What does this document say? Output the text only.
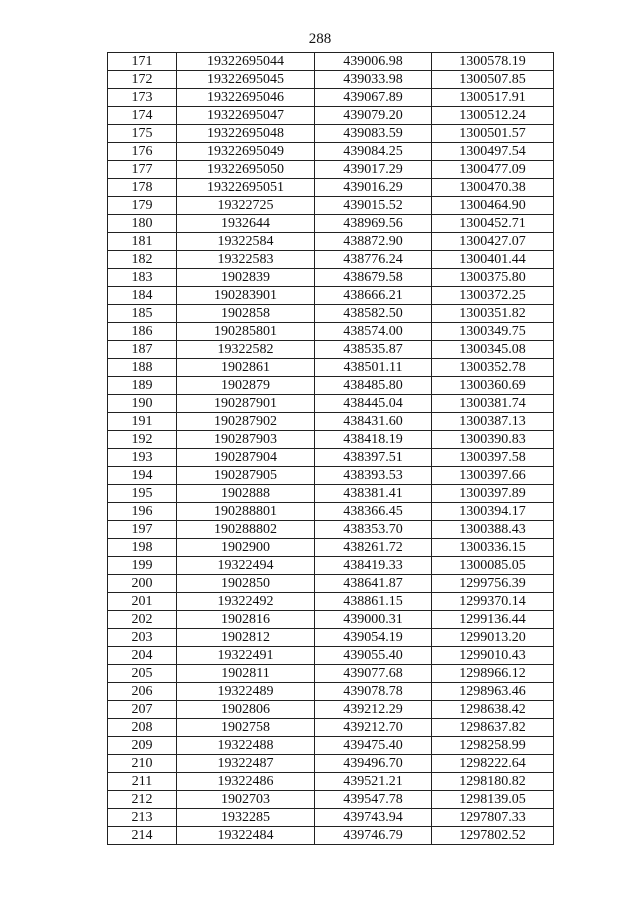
288
171	19322695044	439006.98	1300578.19
172	19322695045	439033.98	1300507.85
173	19322695046	439067.89	1300517.91
174	19322695047	439079.20	1300512.24
175	19322695048	439083.59	1300501.57
176	19322695049	439084.25	1300497.54
177	19322695050	439017.29	1300477.09
178	19322695051	439016.29	1300470.38
179	19322725	439015.52	1300464.90
180	1932644	438969.56	1300452.71
181	19322584	438872.90	1300427.07
182	19322583	438776.24	1300401.44
183	1902839	438679.58	1300375.80
184	190283901	438666.21	1300372.25
185	1902858	438582.50	1300351.82
186	190285801	438574.00	1300349.75
187	19322582	438535.87	1300345.08
188	1902861	438501.11	1300352.78
189	1902879	438485.80	1300360.69
190	190287901	438445.04	1300381.74
191	190287902	438431.60	1300387.13
192	190287903	438418.19	1300390.83
193	190287904	438397.51	1300397.58
194	190287905	438393.53	1300397.66
195	1902888	438381.41	1300397.89
196	190288801	438366.45	1300394.17
197	190288802	438353.70	1300388.43
198	1902900	438261.72	1300336.15
199	19322494	438419.33	1300085.05
200	1902850	438641.87	1299756.39
201	19322492	438861.15	1299370.14
202	1902816	439000.31	1299136.44
203	1902812	439054.19	1299013.20
204	19322491	439055.40	1299010.43
205	1902811	439077.68	1298966.12
206	19322489	439078.78	1298963.46
207	1902806	439212.29	1298638.42
208	1902758	439212.70	1298637.82
209	19322488	439475.40	1298258.99
210	19322487	439496.70	1298222.64
211	19322486	439521.21	1298180.82
212	1902703	439547.78	1298139.05
213	1932285	439743.94	1297807.33
214	19322484	439746.79	1297802.52
